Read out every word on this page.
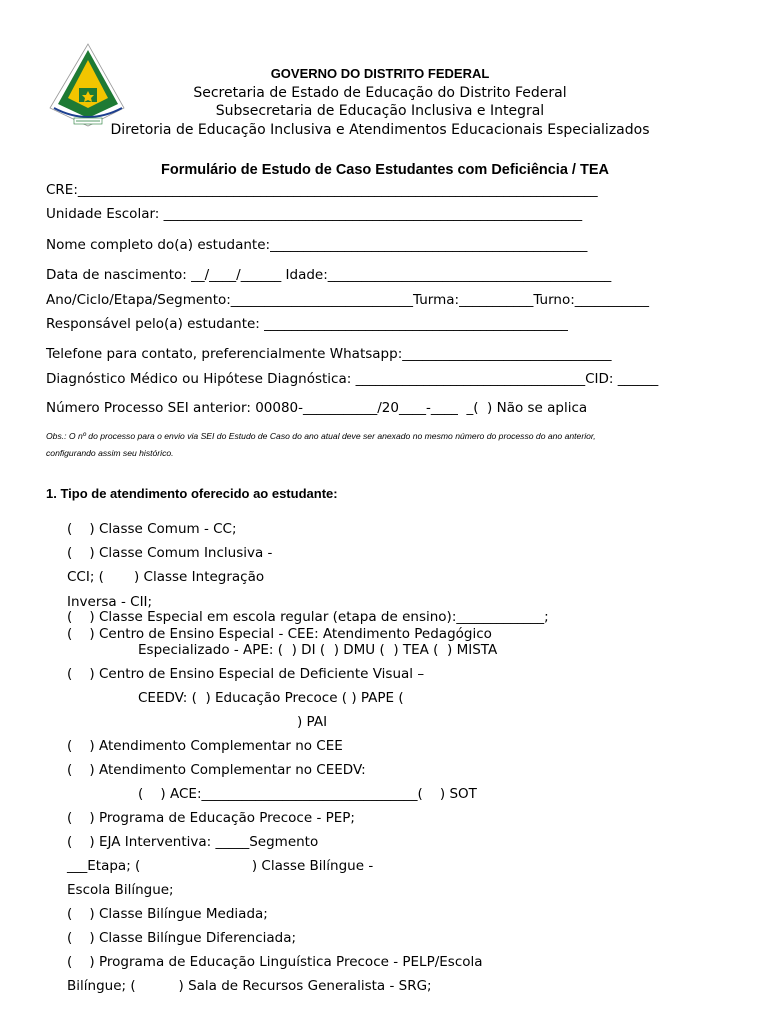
GOVERNO DO DISTRITO FEDERAL
Secretaria de Estado de Educação do Distrito Federal
Subsecretaria de Educação Inclusiva e Integral
Diretoria de Educação Inclusiva e Atendimentos Educacionais Especializados
Formulário de Estudo de Caso Estudantes com Deficiência / TEA
CRE:_____________________________________________________________________________
Unidade Escolar: ______________________________________________________________
Nome completo do(a) estudante:_______________________________________________
Data de nascimento: __/____/______ Idade:__________________________________________
Ano/Ciclo/Etapa/Segmento:___________________________Turma:___________Turno:___________
Responsável pelo(a) estudante: _____________________________________________
Telefone para contato, preferencialmente Whatsapp:_______________________________
Diagnóstico Médico ou Hipótese Diagnóstica: __________________________________CID: ______
Número Processo SEI anterior: 00080-___________/20____-____  _(  ) Não se aplica
Obs.: O nº do processo para o envio via SEI do Estudo de Caso do ano atual deve ser anexado no mesmo número do processo do ano anterior,
configurando assim seu histórico.
1. Tipo de atendimento oferecido ao estudante:
(    ) Classe Comum - CC;
(    ) Classe Comum Inclusiva -
CCI; (       ) Classe Integração
Inversa - CII;
(    ) Classe Especial em escola regular (etapa de ensino):_____________;
(    ) Centro de Ensino Especial - CEE: Atendimento Pedagógico
Especializado - APE: (  ) DI (  ) DMU (  ) TEA (  ) MISTA
(    ) Centro de Ensino Especial de Deficiente Visual –
CEEDV: (  ) Educação Precoce ( ) PAPE (
) PAI
(    ) Atendimento Complementar no CEE
(    ) Atendimento Complementar no CEEDV:
(    ) ACE:________________________________(    ) SOT
(    ) Programa de Educação Precoce - PEP;
(    ) EJA Interventiva: _____Segmento
___Etapa; (                          ) Classe Bilíngue -
Escola Bilíngue;
(    ) Classe Bilíngue Mediada;
(    ) Classe Bilíngue Diferenciada;
(    ) Programa de Educação Linguística Precoce - PELP/Escola
Bilíngue; (          ) Sala de Recursos Generalista - SRG;
